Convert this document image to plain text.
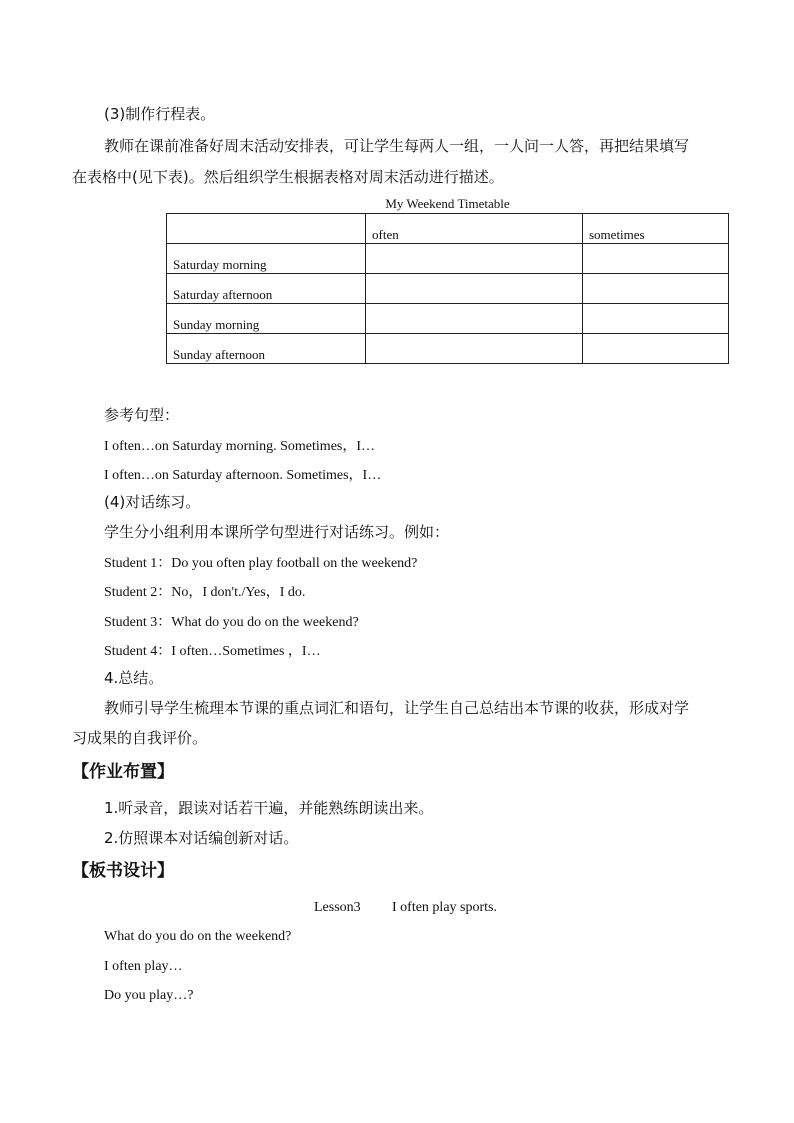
(3)制作行程表。
教师在课前准备好周末活动安排表，可让学生每两人一组，一人问一人答，再把结果填写
在表格中(见下表)。然后组织学生根据表格对周末活动进行描述。
My Weekend Timetable
	often	sometimes
Saturday morning		
Saturday afternoon		
Sunday morning		
Sunday afternoon		
参考句型：
I often…on Saturday morning. Sometimes，I…
I often…on Saturday afternoon. Sometimes，I…
(4)对话练习。
学生分小组利用本课所学句型进行对话练习。例如：
Student 1：Do you often play football on the weekend?
Student 2：No，I don't./Yes，I do.
Student 3：What do you do on the weekend?
Student 4：I often…Sometimes ，I…
4.总结。
教师引导学生梳理本节课的重点词汇和语句，让学生自己总结出本节课的收获，形成对学
习成果的自我评价。
【作业布置】
1.听录音，跟读对话若干遍，并能熟练朗读出来。
2.仿照课本对话编创新对话。
【板书设计】
Lesson3 I often play sports.
What do you do on the weekend?
I often play…
Do you play…?
